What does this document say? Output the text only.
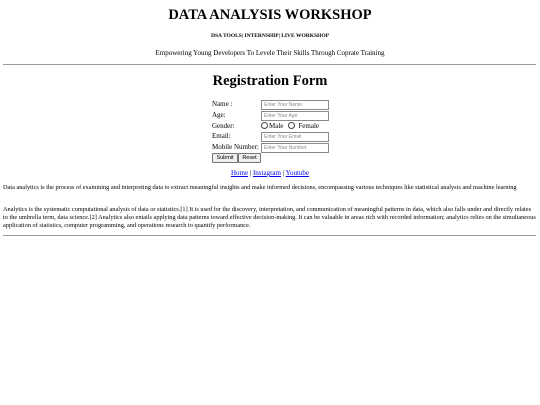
DATA ANALYSIS WORKSHOP
DSA TOOLS| INTERNSHIP| LIVE WORKSHOP
Empowering Young Developers To Levele Their Skills Through Coprate Training
Registration Form
Name :	Enter Your Name
Age:	Enter Your Age
Gender:	Male Female
Email:	Enter Your Email
Mobile Number:	Enter Your Number
Submit	Reset
Home | Instagram | Youtube
Data analytics is the process of examining and interpreting data to extract meaningful insights and make informed decisions, encompassing various techniques like statistical analysis and machine learning
Analytics is the systematic computational analysis of data or statistics.[1] It is used for the discovery, interpretation, and communication of meaningful patterns in data, which also falls under and directly relates to the umbrella term, data science.[2] Analytics also entails applying data patterns toward effective decision-making. It can be valuable in areas rich with recorded information; analytics relies on the simultaneous application of statistics, computer programming, and operations research to quantify performance.
